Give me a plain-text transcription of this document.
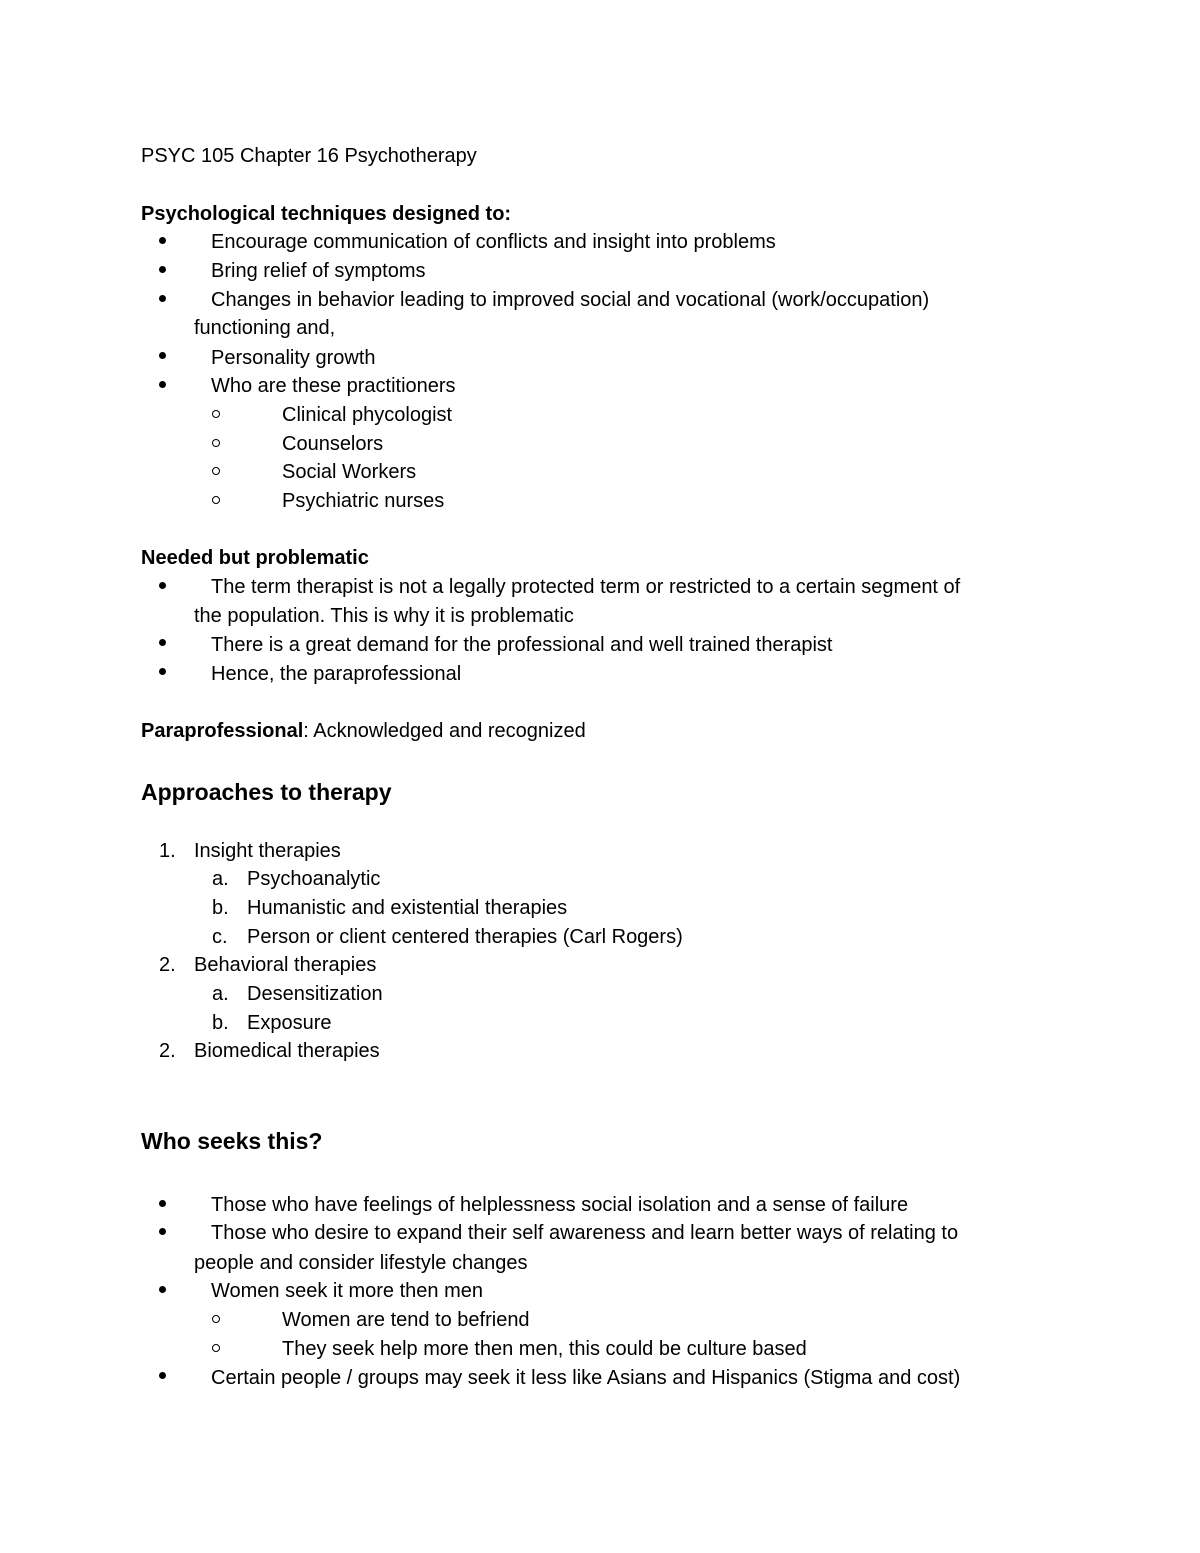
PSYC 105 Chapter 16 Psychotherapy
Psychological techniques designed to:
Encourage communication of conflicts and insight into problems
Bring relief of symptoms
Changes in behavior leading to improved social and vocational (work/occupation)
functioning and,
Personality growth
Who are these practitioners
Clinical phycologist
Counselors
Social Workers
Psychiatric nurses
Needed but problematic
The term therapist is not a legally protected term or restricted to a certain segment of
the population. This is why it is problematic
There is a great demand for the professional and well trained therapist
Hence, the paraprofessional
Paraprofessional: Acknowledged and recognized
Approaches to therapy
1. Insight therapies
a. Psychoanalytic
b. Humanistic and existential therapies
c. Person or client centered therapies (Carl Rogers)
2. Behavioral therapies
a. Desensitization
b. Exposure
2. Biomedical therapies
Who seeks this?
Those who have feelings of helplessness social isolation and a sense of failure
Those who desire to expand their self awareness and learn better ways of relating to
people and consider lifestyle changes
Women seek it more then men
Women are tend to befriend
They seek help more then men, this could be culture based
Certain people / groups may seek it less like Asians and Hispanics (Stigma and cost)
